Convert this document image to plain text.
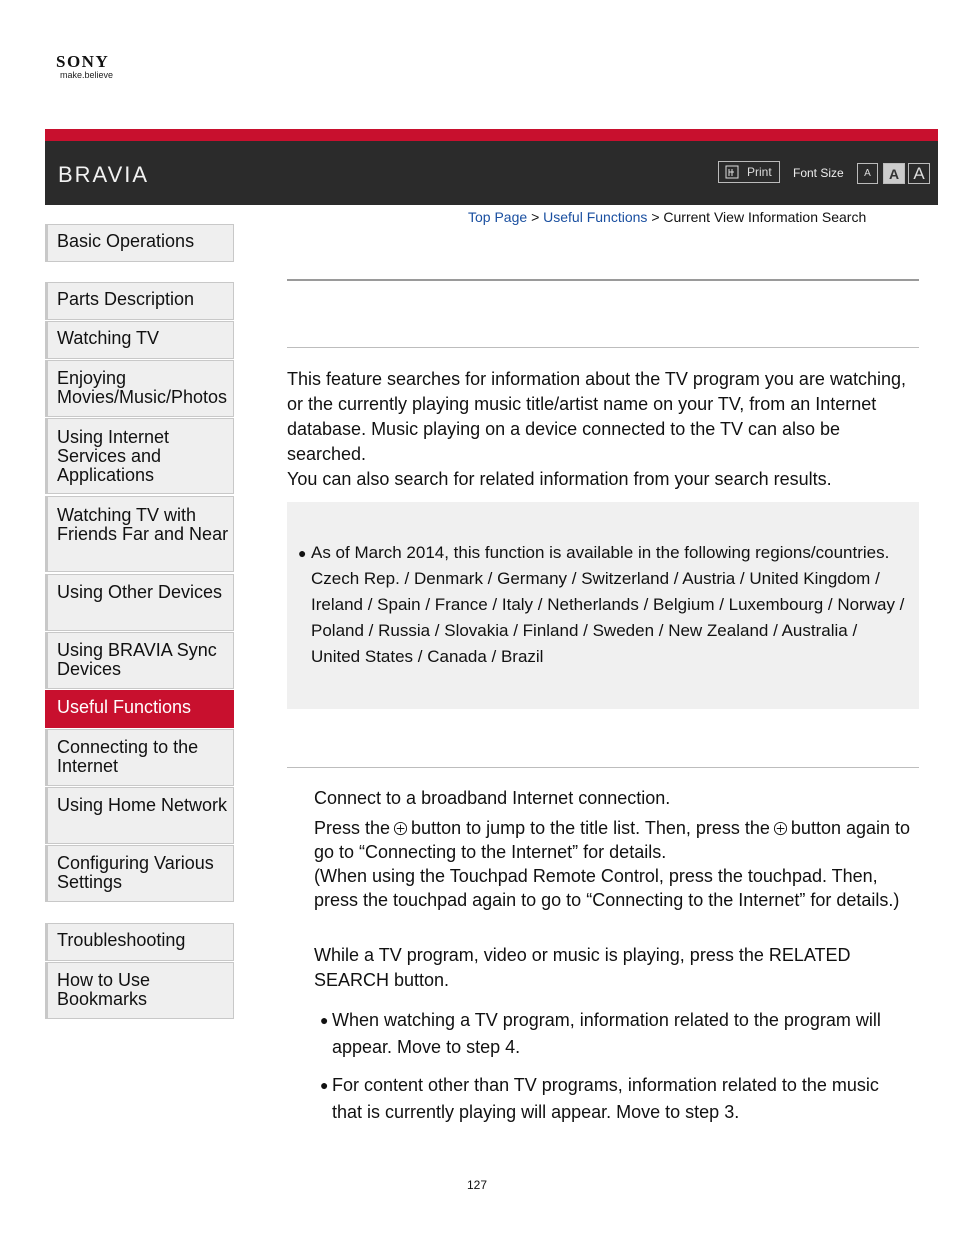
SONY
make.believe
BRAVIA	Print Font Size	A	A A
Top Page > Useful Functions > Current View Information Search
Basic Operations
Parts Description
Watching TV
Enjoying Movies/Music/Photos
Using Internet Services and Applications
Watching TV with Friends Far and Near
Using Other Devices
Using BRAVIA Sync Devices
Useful Functions
Connecting to the Internet
Using Home Network
Configuring Various Settings
Troubleshooting
How to Use Bookmarks

This feature searches for information about the TV program you are watching, or the currently playing music title/artist name on your TV, from an Internet database. Music playing on a device connected to the TV can also be searched.

You can also search for related information from your search results.

● As of March 2014, this function is available in the following regions/countries.

Czech Rep. / Denmark / Germany / Switzerland / Austria / United Kingdom / Ireland / Spain / France / Italy / Netherlands / Belgium / Luxembourg / Norway / Poland / Russia / Slovakia / Finland / Sweden / New Zealand / Australia / United States / Canada / Brazil

Connect to a broadband Internet connection.
Press the button to jump to the title list. Then, press the button again to go to “Connecting to the Internet” for details.
(When using the Touchpad Remote Control, press the touchpad. Then, press the touchpad again to go to “Connecting to the Internet” for details.)
While a TV program, video or music is playing, press the RELATED SEARCH button.
● When watching a TV program, information related to the program will appear. Move to step 4.
● For content other than TV programs, information related to the music that is currently playing will appear. Move to step 3.
127
